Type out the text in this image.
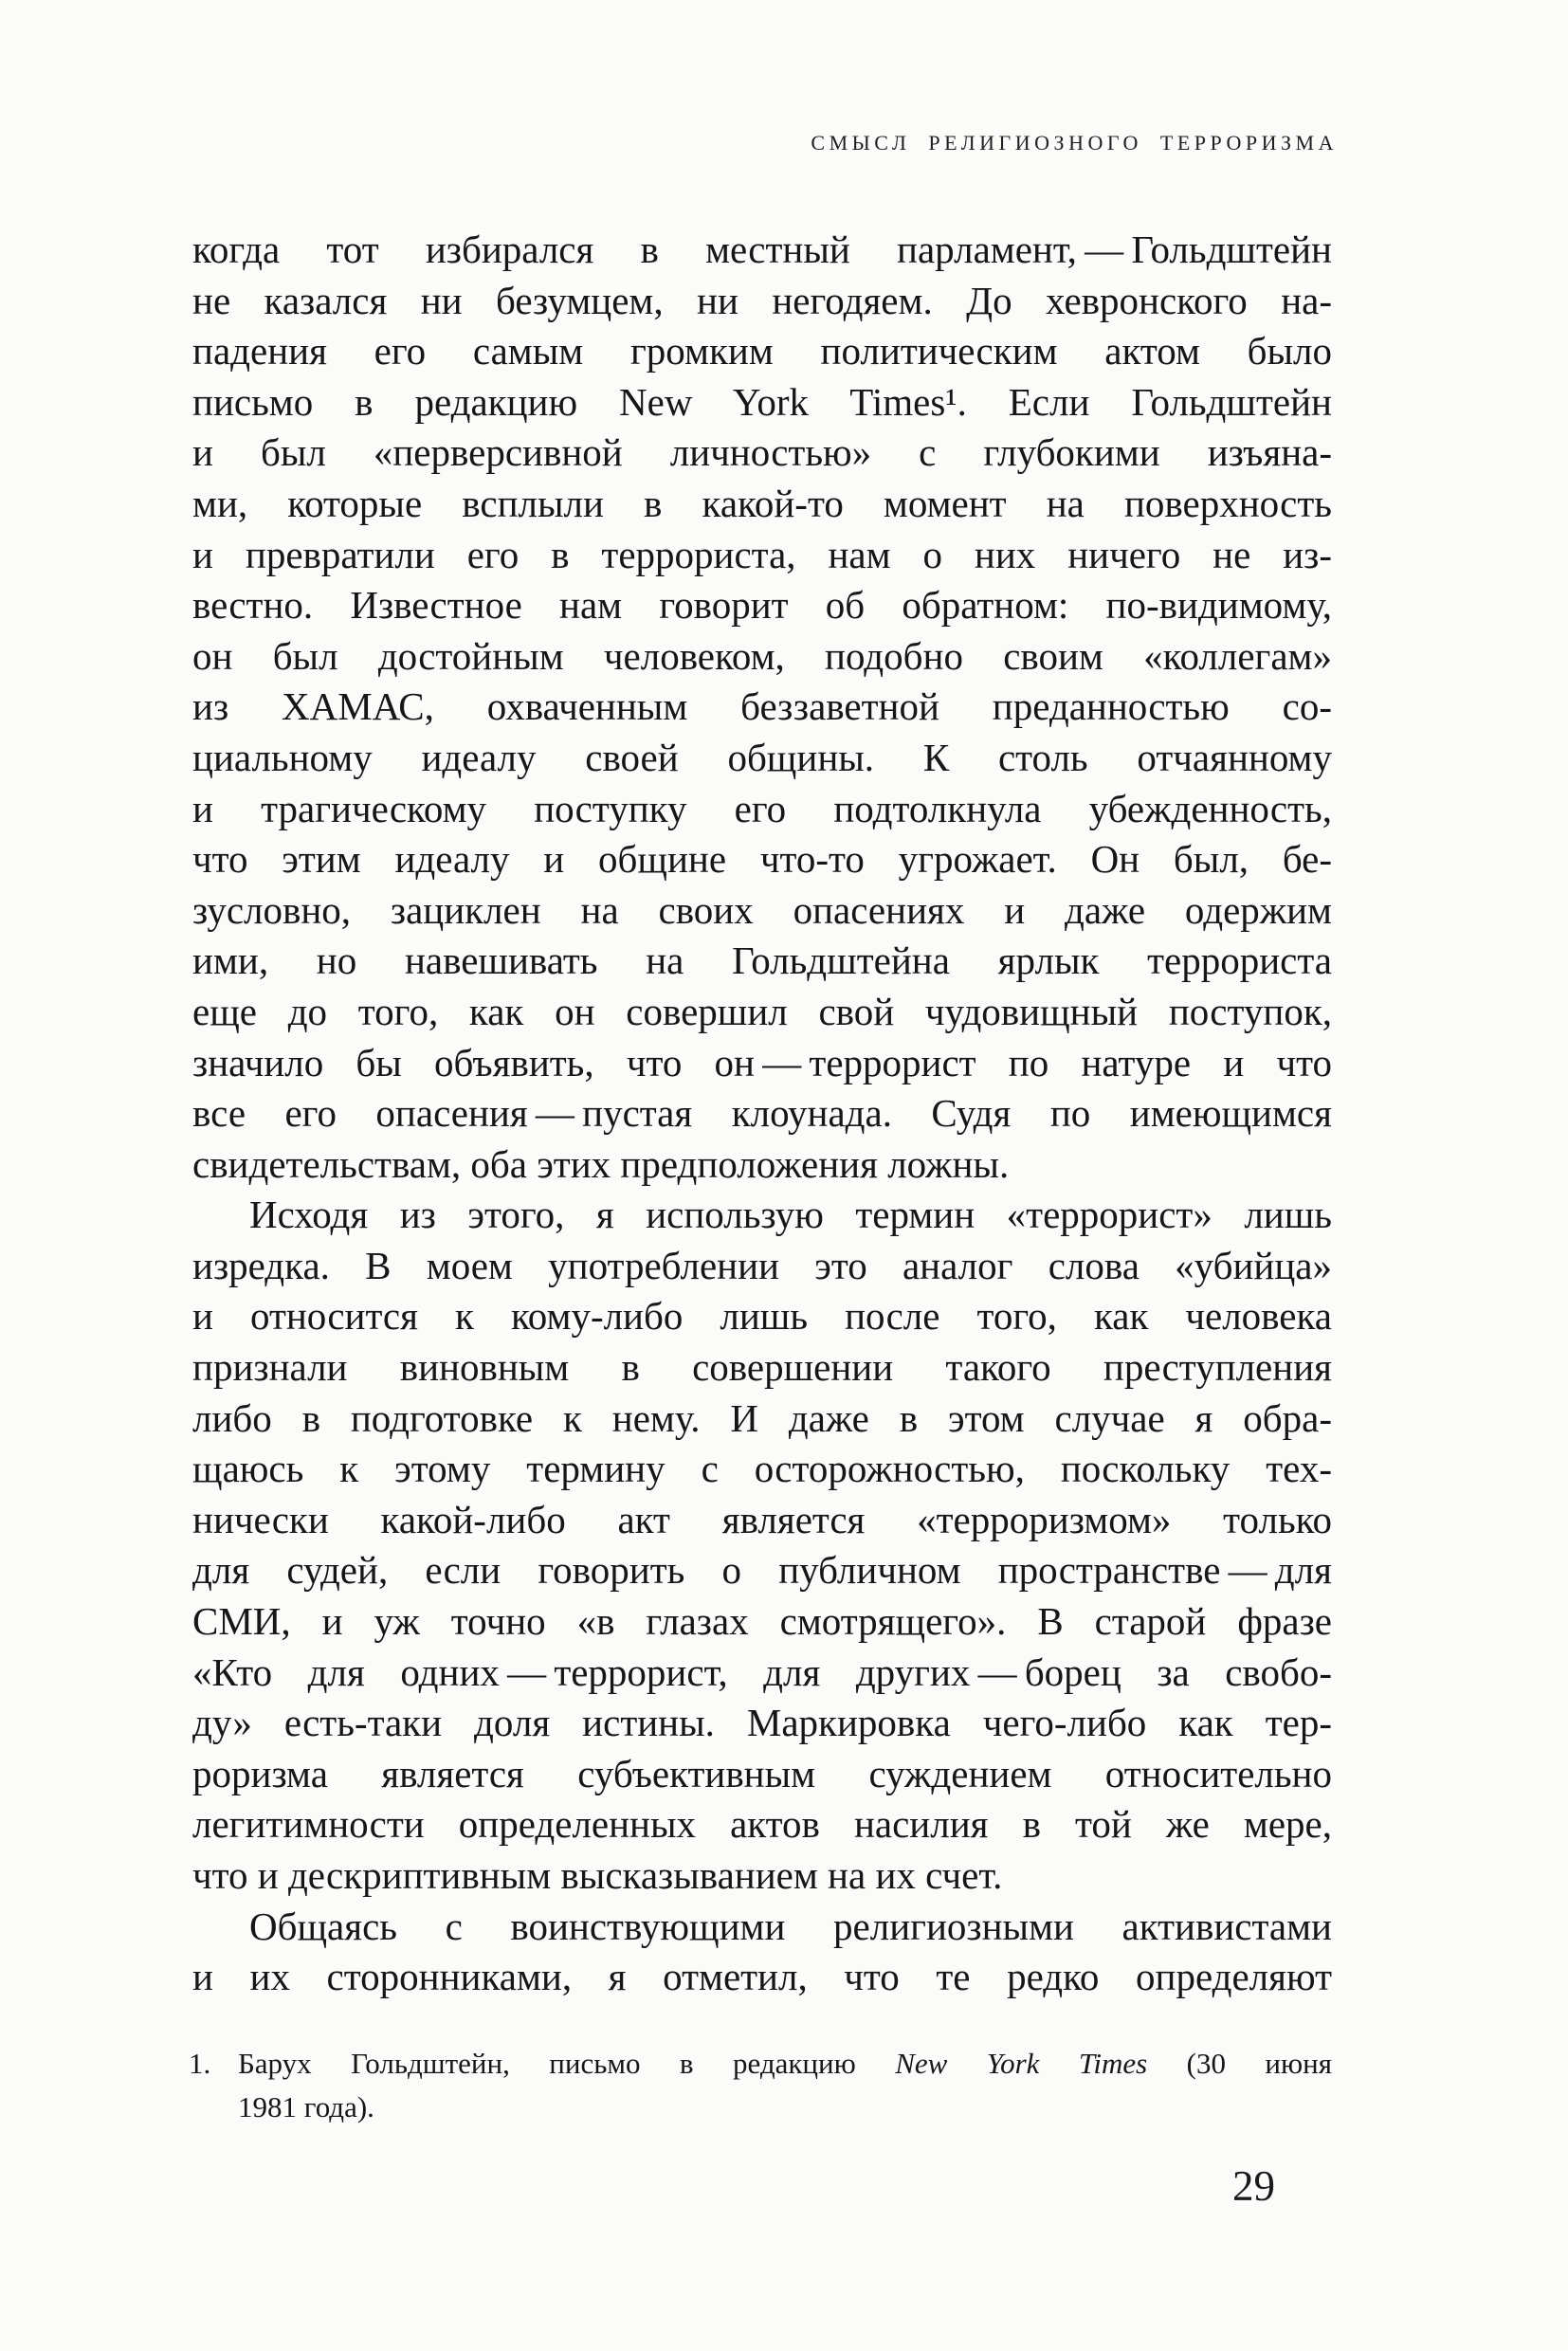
СМЫСЛ РЕЛИГИОЗНОГО ТЕРРОРИЗМА
когда тот избирался в местный парламент, — Гольдштейн
не казался ни безумцем, ни негодяем. До хевронского на-
падения его самым громким политическим актом было
письмо в редакцию New York Times¹. Если Гольдштейн
и был «перверсивной личностью» с глубокими изъяна-
ми, которые всплыли в какой-то момент на поверхность
и превратили его в террориста, нам о них ничего не из-
вестно. Известное нам говорит об обратном: по-видимому,
он был достойным человеком, подобно своим «коллегам»
из ХАМАС, охваченным беззаветной преданностью со-
циальному идеалу своей общины. К столь отчаянному
и трагическому поступку его подтолкнула убежденность,
что этим идеалу и общине что-то угрожает. Он был, бе-
зусловно, зациклен на своих опасениях и даже одержим
ими, но навешивать на Гольдштейна ярлык террориста
еще до того, как он совершил свой чудовищный поступок,
значило бы объявить, что он — террорист по натуре и что
все его опасения — пустая клоунада. Судя по имеющимся
свидетельствам, оба этих предположения ложны.
Исходя из этого, я использую термин «террорист» лишь
изредка. В моем употреблении это аналог слова «убийца»
и относится к кому-либо лишь после того, как человека
признали виновным в совершении такого преступления
либо в подготовке к нему. И даже в этом случае я обра-
щаюсь к этому термину с осторожностью, поскольку тех-
нически какой-либо акт является «терроризмом» только
для судей, если говорить о публичном пространстве — для
СМИ, и уж точно «в глазах смотрящего». В старой фразе
«Кто для одних — террорист, для других — борец за свобо-
ду» есть-таки доля истины. Маркировка чего-либо как тер-
роризма является субъективным суждением относительно
легитимности определенных актов насилия в той же мере,
что и дескриптивным высказыванием на их счет.
Общаясь с воинствующими религиозными активистами
и их сторонниками, я отметил, что те редко определяют
1. Барух Гольдштейн, письмо в редакцию New York Times (30 июня
1981 года).
29
